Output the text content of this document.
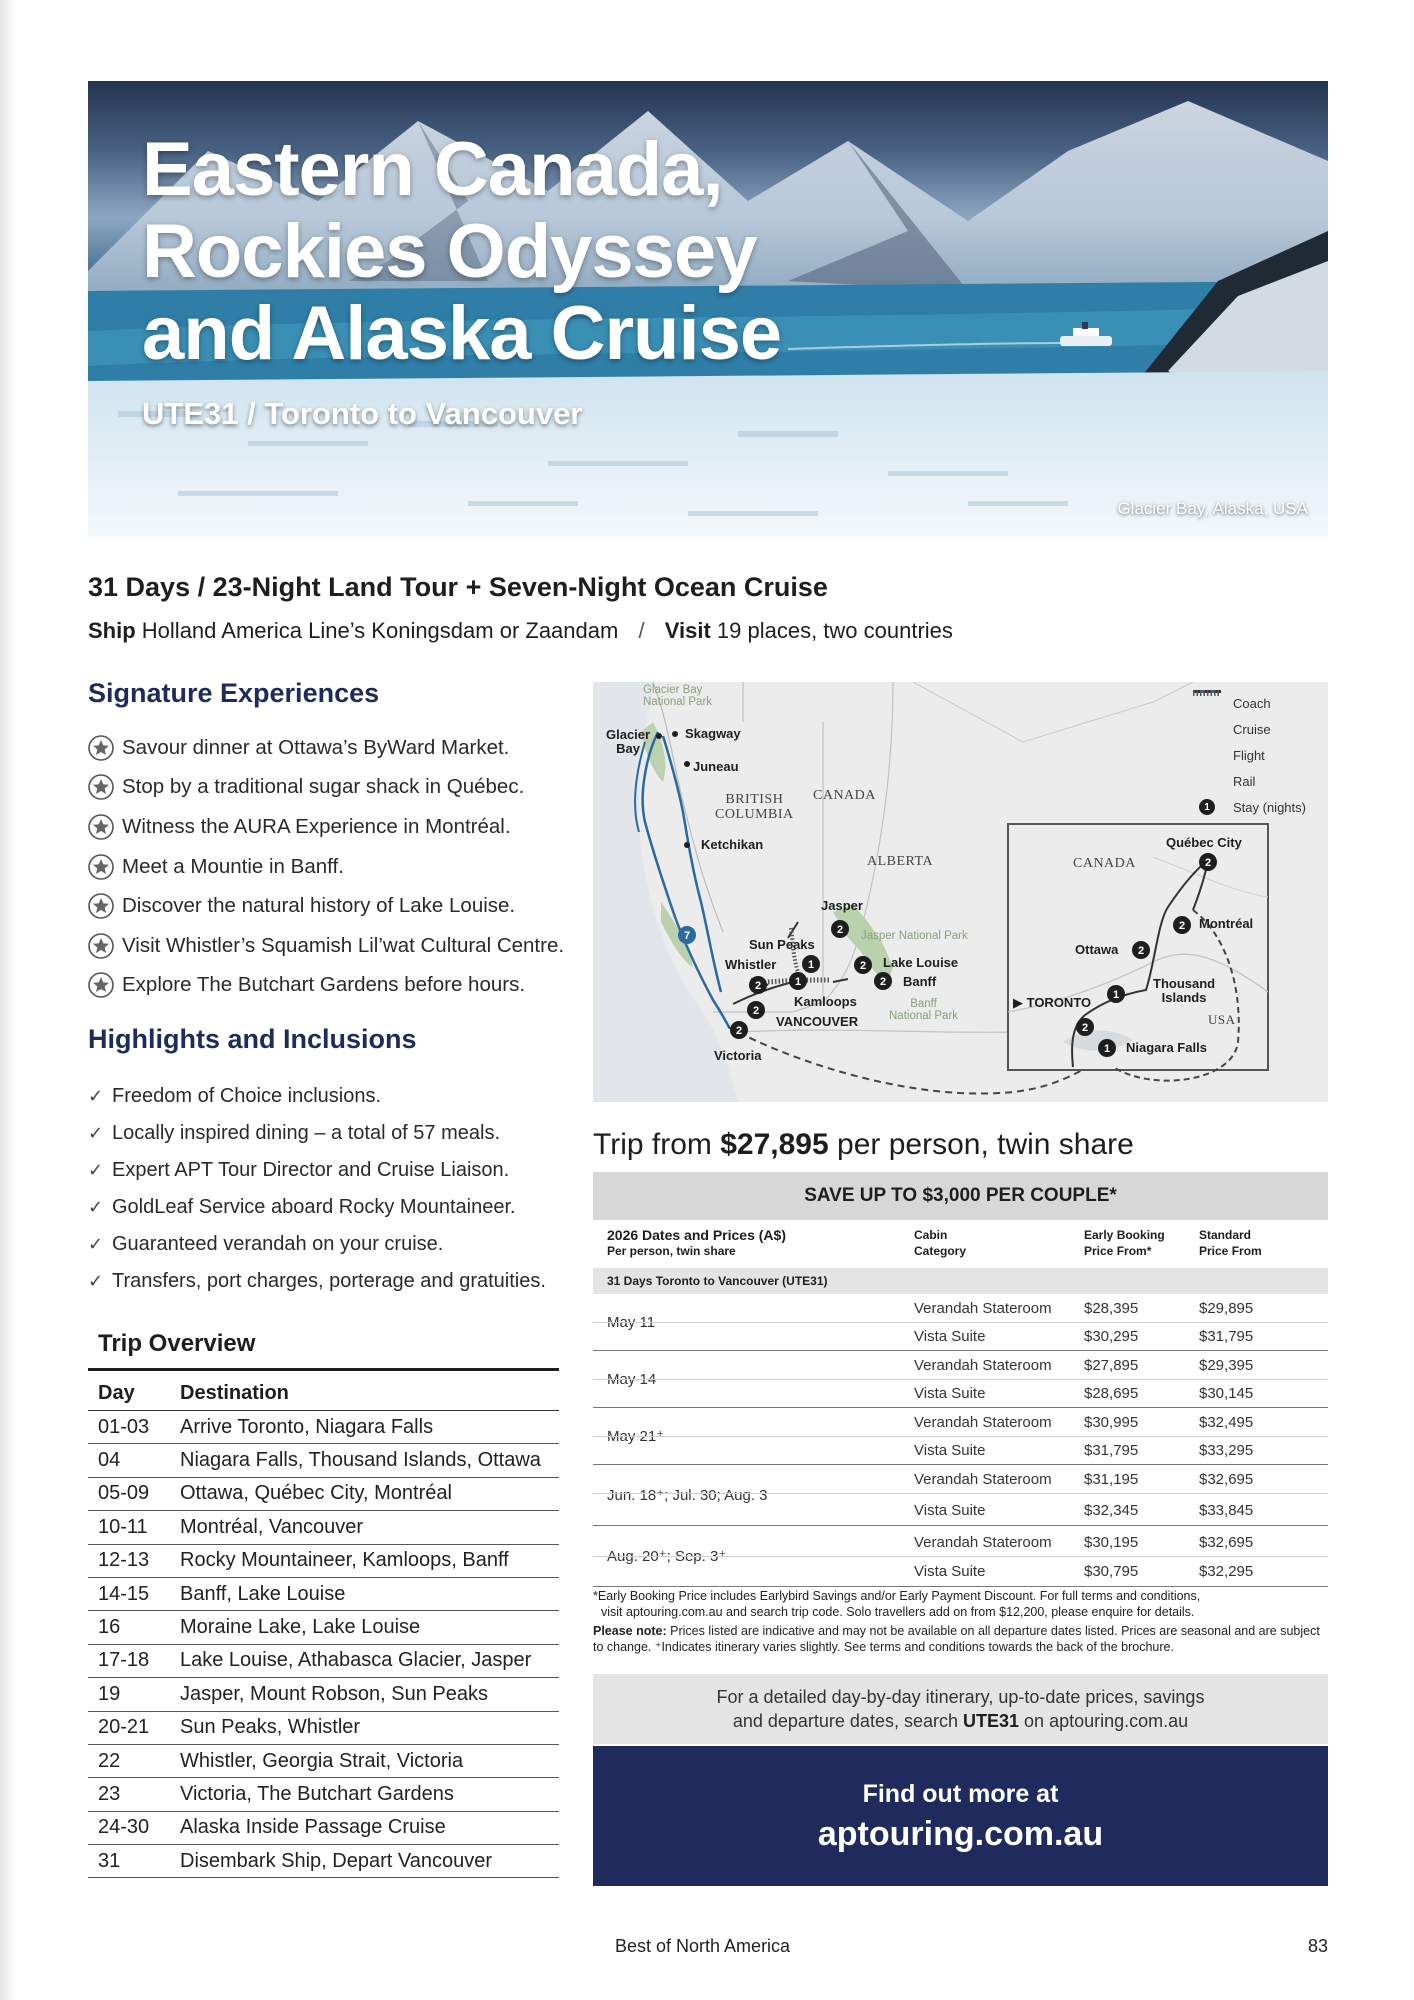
Eastern Canada,
Rockies Odyssey
and Alaska Cruise
UTE31 / Toronto to Vancouver
Glacier Bay, Alaska, USA
31 Days / 23-Night Land Tour + Seven-Night Ocean Cruise
Ship Holland America Line’s Koningsdam or Zaandam / Visit 19 places, two countries
Signature Experiences
Savour dinner at Ottawa’s ByWard Market.
Stop by a traditional sugar shack in Québec.
Witness the AURA Experience in Montréal.
Meet a Mountie in Banff.
Discover the natural history of Lake Louise.
Visit Whistler’s Squamish Lil’wat Cultural Centre.
Explore The Butchart Gardens before hours.
Highlights and Inclusions
✓ Freedom of Choice inclusions.
✓ Locally inspired dining – a total of 57 meals.
✓ Expert APT Tour Director and Cruise Liaison.
✓ GoldLeaf Service aboard Rocky Mountaineer.
✓ Guaranteed verandah on your cruise.
✓ Transfers, port charges, porterage and gratuities.
Trip Overview
Day	Destination
01-03	Arrive Toronto, Niagara Falls
04	Niagara Falls, Thousand Islands, Ottawa
05-09	Ottawa, Québec City, Montréal
10-11	Montréal, Vancouver
12-13	Rocky Mountaineer, Kamloops, Banff
14-15	Banff, Lake Louise
16	Moraine Lake, Lake Louise
17-18	Lake Louise, Athabasca Glacier, Jasper
19	Jasper, Mount Robson, Sun Peaks
20-21	Sun Peaks, Whistler
22	Whistler, Georgia Strait, Victoria
23	Victoria, The Butchart Gardens
24-30	Alaska Inside Passage Cruise
31	Disembark Ship, Depart Vancouver
7	2
1
1
2
2
2
2
2
2
2
2
1
2
1
Glacier Bay
National Park
Glacier
Bay
Skagway
Juneau
BRITISH
COLUMBIA
CANADA
Ketchikan
ALBERTA
Jasper
Jasper National Park
Sun Peaks
Whistler	Lake Louise
Banff
Banff
National Park
Kamloops
VANCOUVER
Victoria
CANADA
Québec City
Montréal
Ottawa
▶ TORONTO
Thousand
Islands
USA
Niagara Falls
Coach
Cruise
Flight
Rail
1	Stay (nights)
Trip from $27,895 per person, twin share
SAVE UP TO $3,000 PER COUPLE*
2026 Dates and Prices (A$)
Per person, twin share
Cabin
Category
Early Booking
Price From*
Standard
Price From
31 Days Toronto to Vancouver (UTE31)
May 11
Verandah Stateroom $28,395	$29,895
Vista Suite	$30,295	$31,795
May 14
Verandah Stateroom $27,895	$29,395
Vista Suite	$28,695	$30,145
May 21⁺
Verandah Stateroom $30,995	$32,495
Vista Suite	$31,795	$33,295
Jun. 18⁺; Jul. 30; Aug. 3
Verandah Stateroom $31,195	$32,695
Vista Suite	$32,345	$33,845
Aug. 20⁺; Sep. 3⁺
Verandah Stateroom $30,195	$32,695
Vista Suite	$30,795	$32,295

*Early Booking Price includes Earlybird Savings and/or Early Payment Discount. For full terms and conditions,
visit aptouring.com.au and search trip code. Solo travellers add on from $12,200, please enquire for details.

Please note: Prices listed are indicative and may not be available on all departure dates listed. Prices are seasonal and are subject to change. ⁺Indicates itinerary varies slightly. See terms and conditions towards the back of the brochure.

For a detailed day-by-day itinerary, up-to-date prices, savings
and departure dates, search UTE31 on aptouring.com.au
Find out more at
aptouring.com.au
Best of North America	83
